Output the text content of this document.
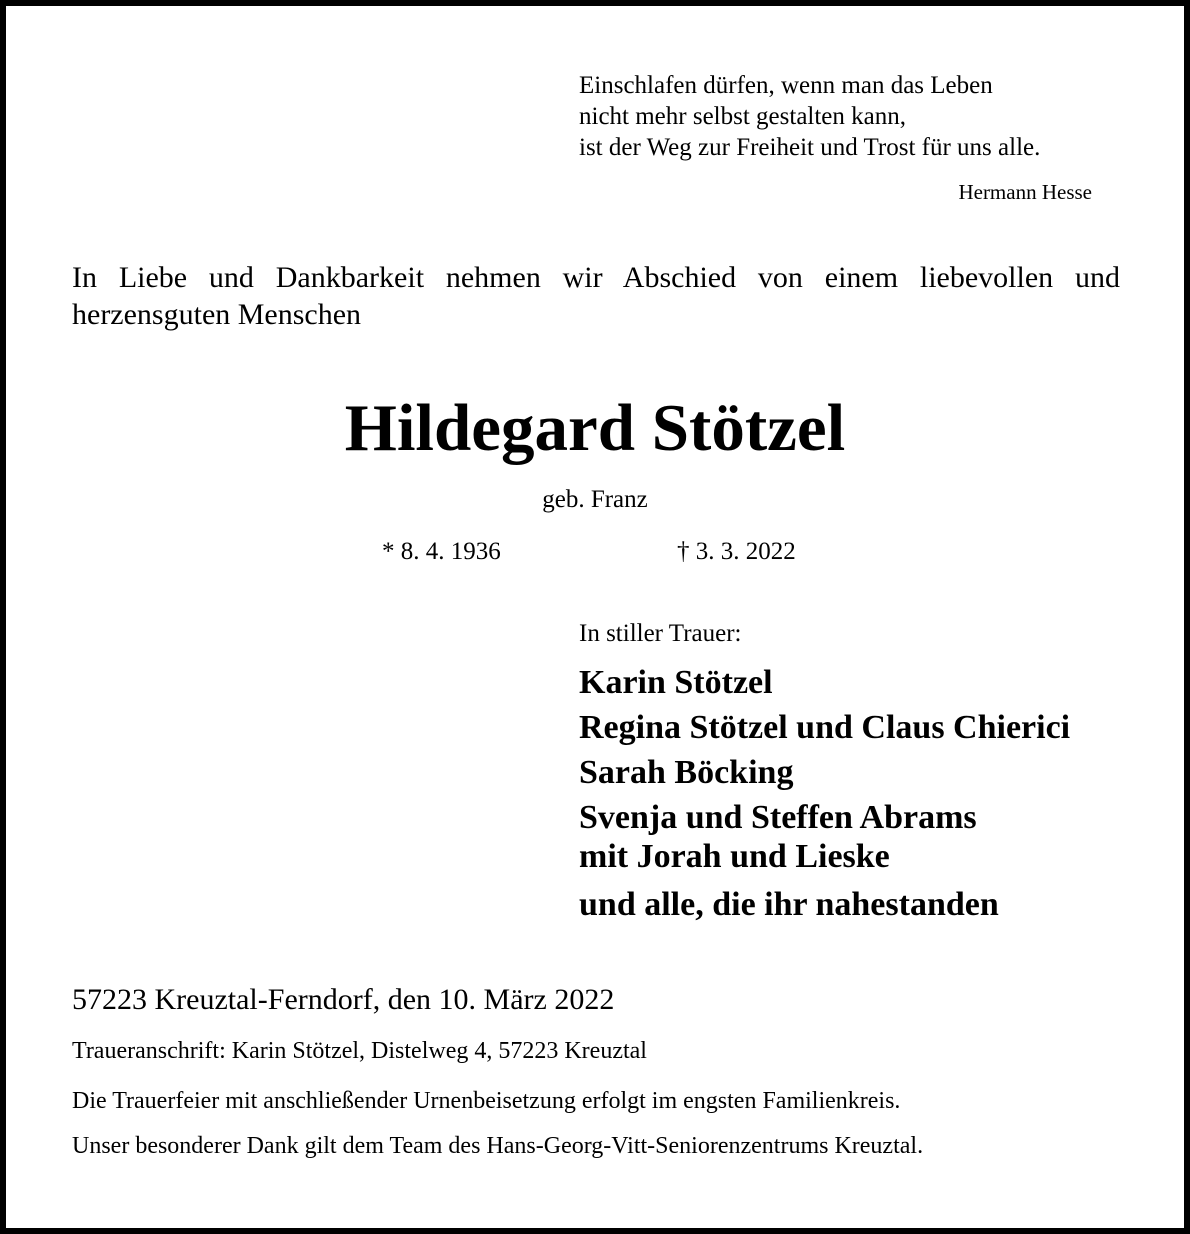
Einschlafen dürfen, wenn man das Leben
nicht mehr selbst gestalten kann,
ist der Weg zur Freiheit und Trost für uns alle.
Hermann Hesse
In Liebe und Dankbarkeit nehmen wir Abschied von einem liebevollen und herzensguten Menschen
Hildegard Stötzel
geb. Franz
* 8. 4. 1936	† 3. 3. 2022
In stiller Trauer:
Karin Stötzel
Regina Stötzel und Claus Chierici
Sarah Böcking
Svenja und Steffen Abrams
mit Jorah und Lieske
und alle, die ihr nahestanden
57223 Kreuztal-Ferndorf, den 10. März 2022
Traueranschrift: Karin Stötzel, Distelweg 4, 57223 Kreuztal
Die Trauerfeier mit anschließender Urnenbeisetzung erfolgt im engsten Familienkreis.
Unser besonderer Dank gilt dem Team des Hans-Georg-Vitt-Seniorenzentrums Kreuztal.
